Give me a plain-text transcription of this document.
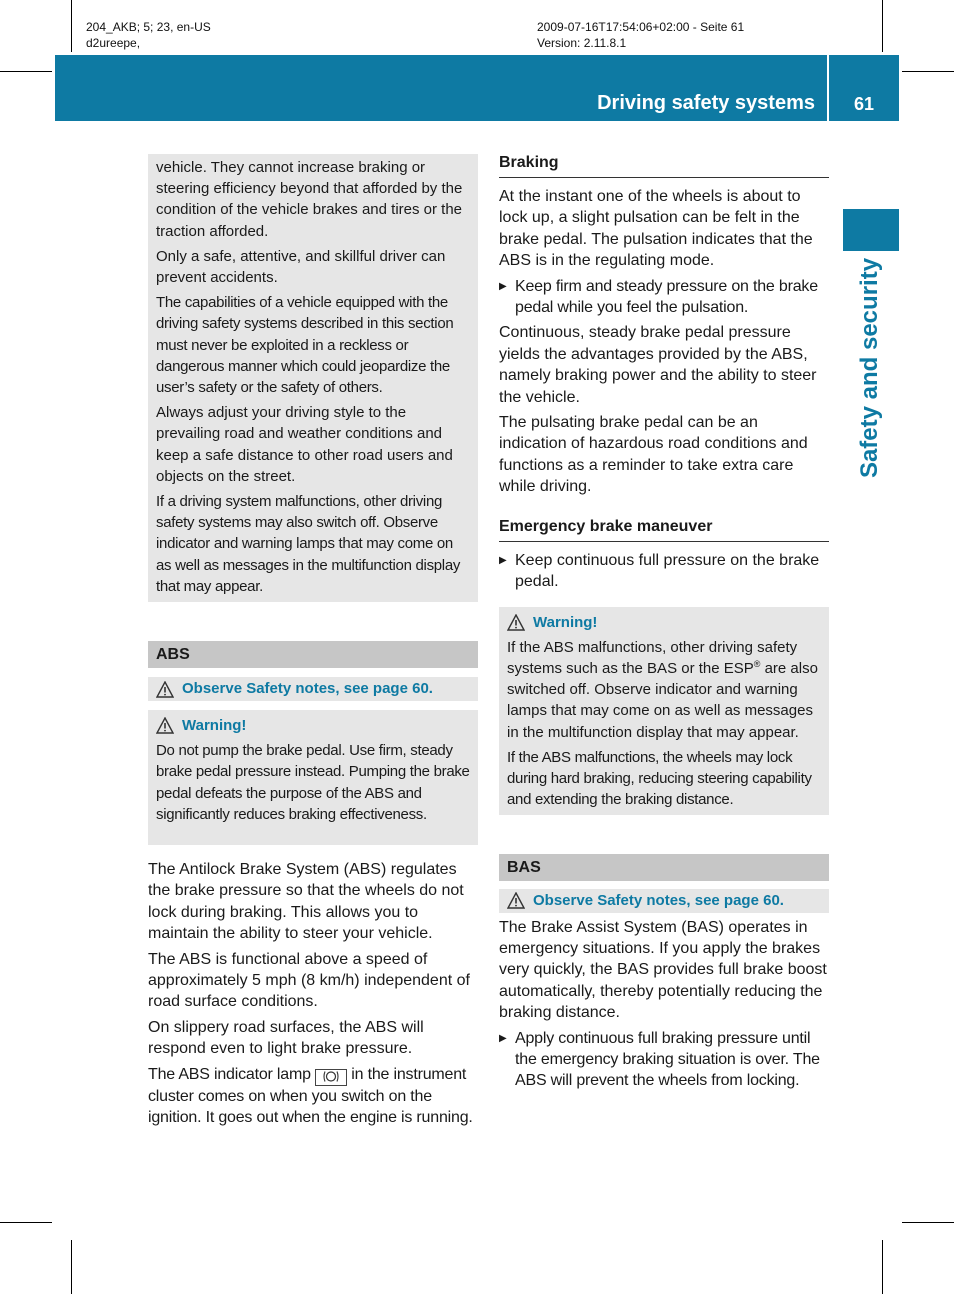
204_AKB; 5; 23, en-US
d2ureepe,
2009-07-16T17:54:06+02:00 - Seite 61
Version: 2.11.8.1
Driving safety systems	61
Safety and security

vehicle. They cannot increase braking or steering efficiency beyond that afforded by the condition of the vehicle brakes and tires or the traction afforded.

Only a safe, attentive, and skillful driver can prevent accidents.

The capabilities of a vehicle equipped with the driving safety systems described in this section must never be exploited in a reckless or dangerous manner which could jeopardize the user’s safety or the safety of others.

Always adjust your driving style to the prevailing road and weather conditions and keep a safe distance to other road users and objects on the street.

If a driving system malfunctions, other driving safety systems may also switch off. Observe indicator and warning lamps that may come on as well as messages in the multifunction display that may appear.

ABS
Observe Safety notes, see page 60.
Warning!

Do not pump the brake pedal. Use firm, steady brake pedal pressure instead. Pumping the brake pedal defeats the purpose of the ABS and significantly reduces braking effectiveness.

The Antilock Brake System (ABS) regulates the brake pressure so that the wheels do not lock during braking. This allows you to maintain the ability to steer your vehicle.

The ABS is functional above a speed of approximately 5 mph (8 km/h) independent of road surface conditions.

On slippery road surfaces, the ABS will respond even to light brake pressure.

The ABS indicator lamp	in the instrument cluster comes on when you switch on the ignition. It goes out when the engine is running.

Braking

At the instant one of the wheels is about to lock up, a slight pulsation can be felt in the brake pedal. The pulsation indicates that the ABS is in the regulating mode.

▶ Keep firm and steady pressure on the brake pedal while you feel the pulsation.

Continuous, steady brake pedal pressure yields the advantages provided by the ABS, namely braking power and the ability to steer the vehicle.

The pulsating brake pedal can be an indication of hazardous road conditions and functions as a reminder to take extra care while driving.

Emergency brake maneuver
▶ Keep continuous full pressure on the brake pedal.
Warning!

If the ABS malfunctions, other driving safety systems such as the BAS or the ESP® are also switched off. Observe indicator and warning lamps that may come on as well as messages in the multifunction display that may appear.

If the ABS malfunctions, the wheels may lock during hard braking, reducing steering capability and extending the braking distance.

BAS
Observe Safety notes, see page 60.

The Brake Assist System (BAS) operates in emergency situations. If you apply the brakes very quickly, the BAS provides full brake boost automatically, thereby potentially reducing the braking distance.

▶ Apply continuous full braking pressure until the emergency braking situation is over. The ABS will prevent the wheels from locking.
